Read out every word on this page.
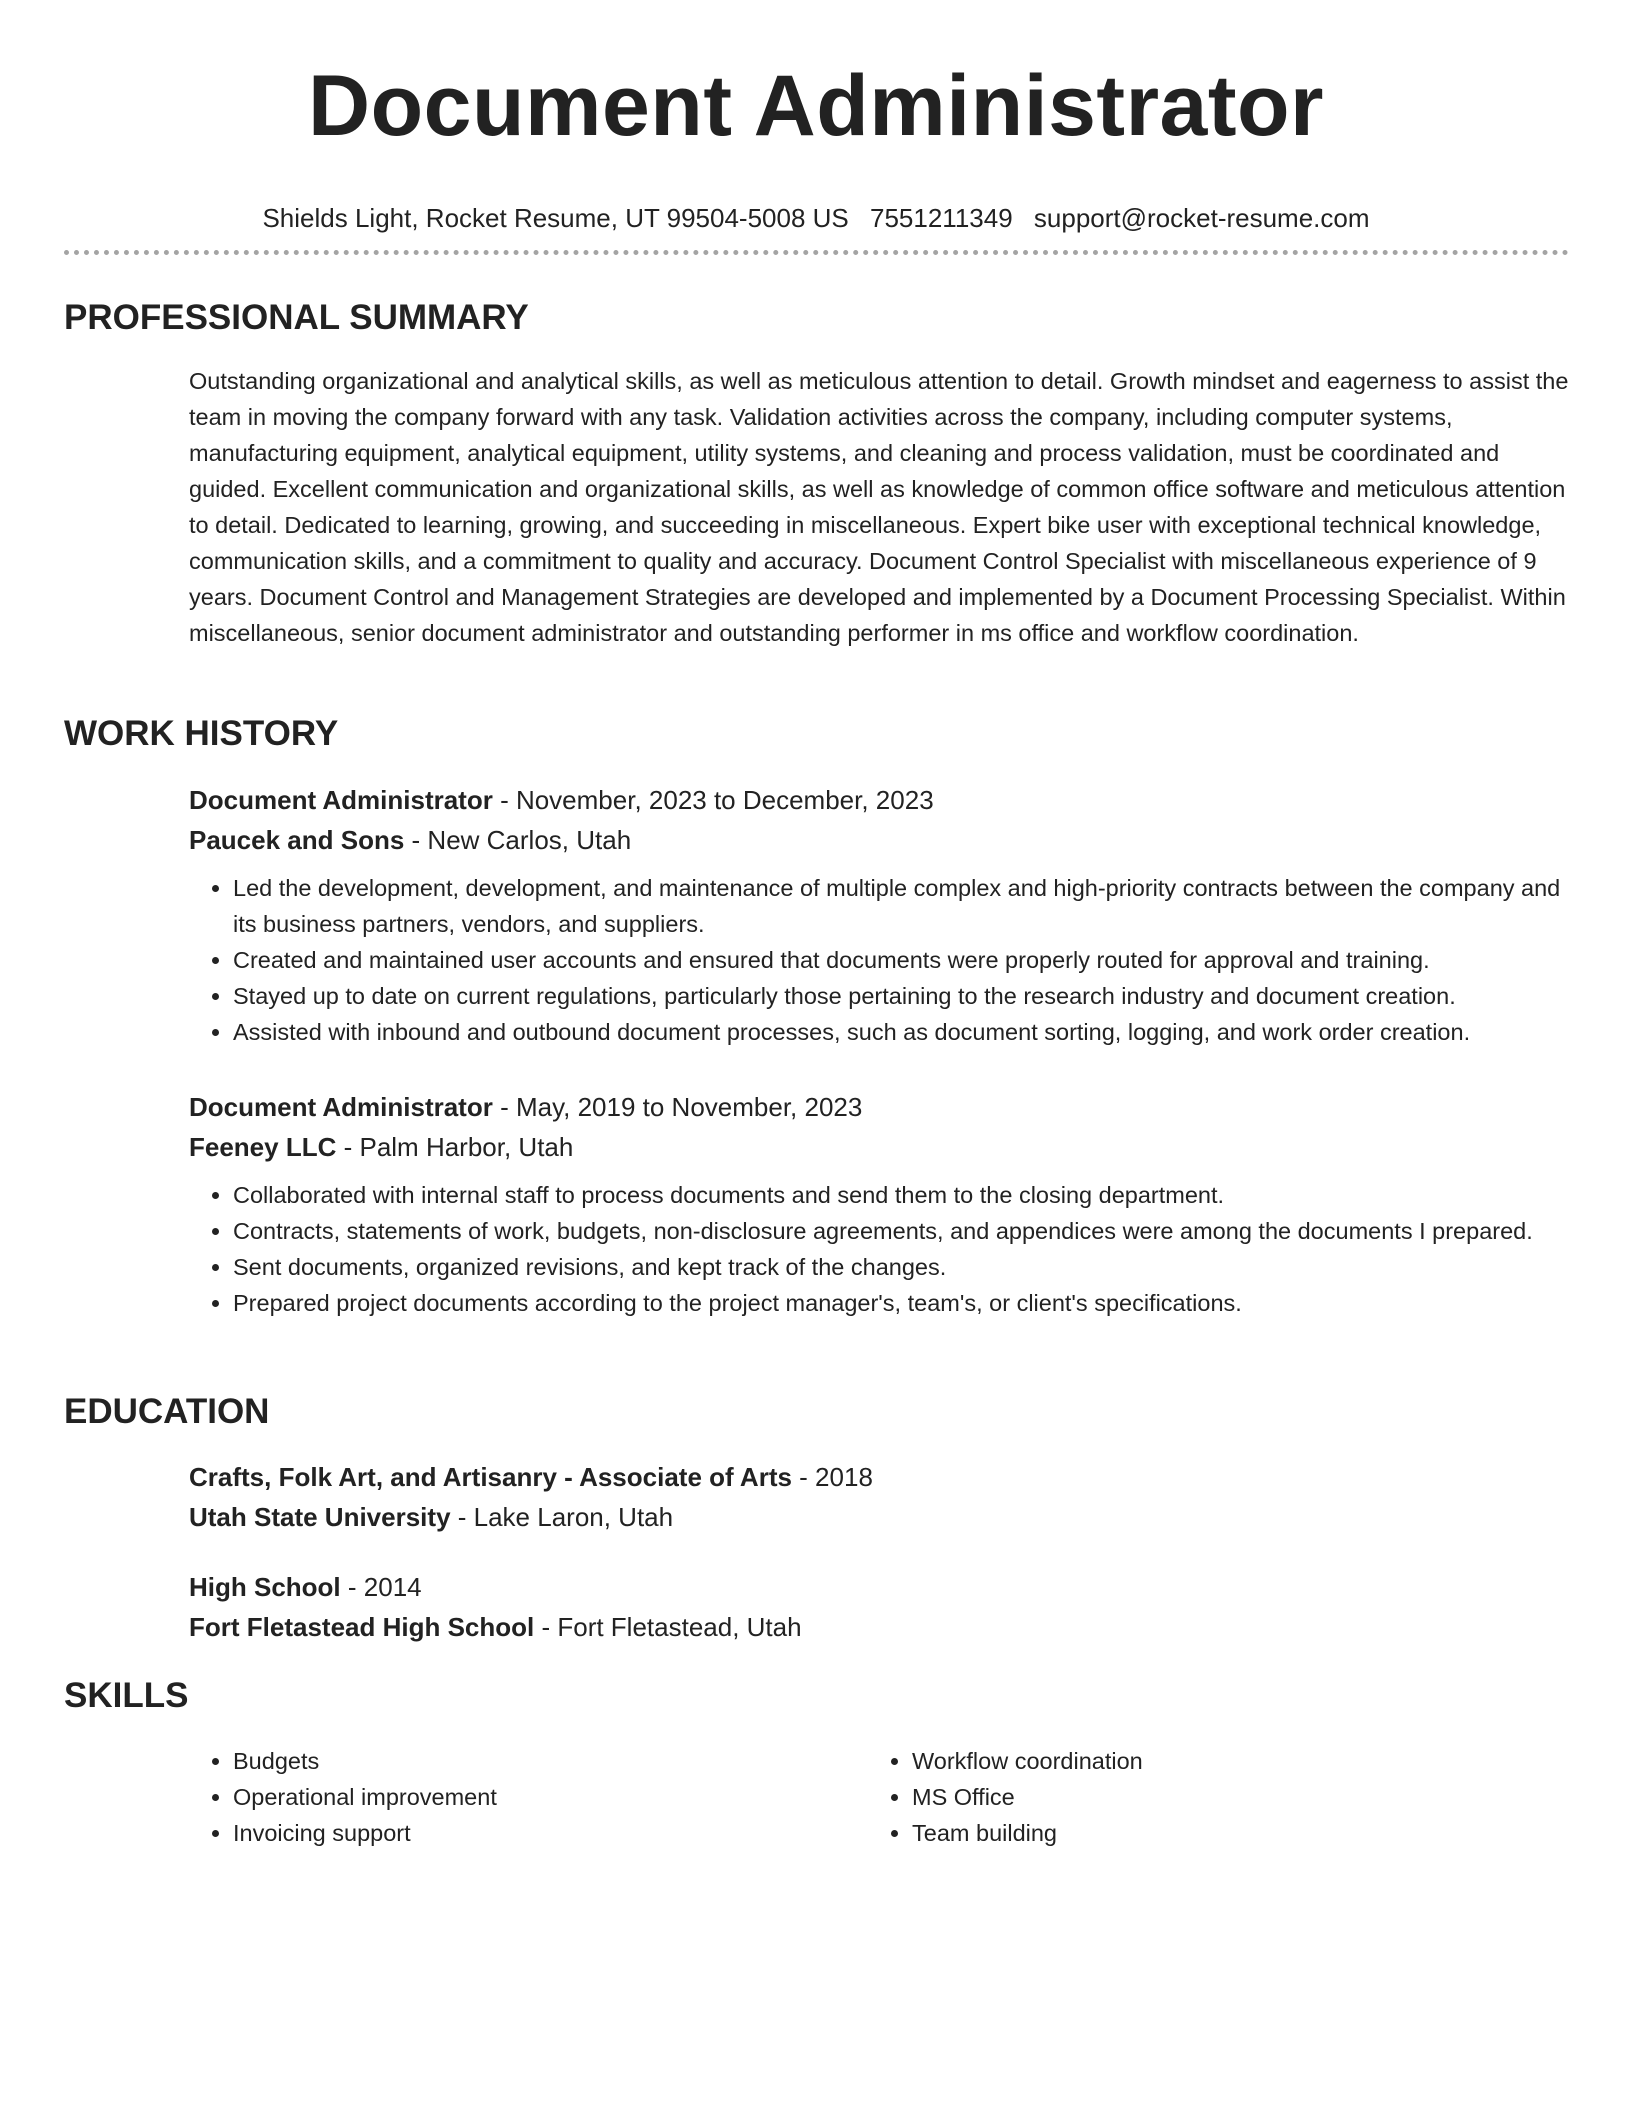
Document Administrator
Shields Light, Rocket Resume, UT 99504-5008 US 7551211349 support@rocket-resume.com
PROFESSIONAL SUMMARY

Outstanding organizational and analytical skills, as well as meticulous attention to detail. Growth mindset and eagerness to assist the team in moving the company forward with any task. Validation activities across the company, including computer systems, manufacturing equipment, analytical equipment, utility systems, and cleaning and process validation, must be coordinated and guided. Excellent communication and organizational skills, as well as knowledge of common office software and meticulous attention to detail. Dedicated to learning, growing, and succeeding in miscellaneous. Expert bike user with exceptional technical knowledge, communication skills, and a commitment to quality and accuracy. Document Control Specialist with miscellaneous experience of 9 years. Document Control and Management Strategies are developed and implemented by a Document Processing Specialist. Within miscellaneous, senior document administrator and outstanding performer in ms office and workflow coordination.

WORK HISTORY

Document Administrator - November, 2023 to December, 2023

Paucek and Sons - New Carlos, Utah

• Led the development, development, and maintenance of multiple complex and high-priority contracts between the company and its business partners, vendors, and suppliers.
• Created and maintained user accounts and ensured that documents were properly routed for approval and training.
• Stayed up to date on current regulations, particularly those pertaining to the research industry and document creation.
• Assisted with inbound and outbound document processes, such as document sorting, logging, and work order creation.

Document Administrator - May, 2019 to November, 2023

Feeney LLC - Palm Harbor, Utah

• Collaborated with internal staff to process documents and send them to the closing department.
• Contracts, statements of work, budgets, non-disclosure agreements, and appendices were among the documents I prepared.
• Sent documents, organized revisions, and kept track of the changes.
• Prepared project documents according to the project manager's, team's, or client's specifications.
EDUCATION

Crafts, Folk Art, and Artisanry - Associate of Arts - 2018

Utah State University - Lake Laron, Utah

High School - 2014

Fort Fletastead High School - Fort Fletastead, Utah

SKILLS
• Budgets
• Operational improvement
• Invoicing support
• Workflow coordination
• MS Office
• Team building
